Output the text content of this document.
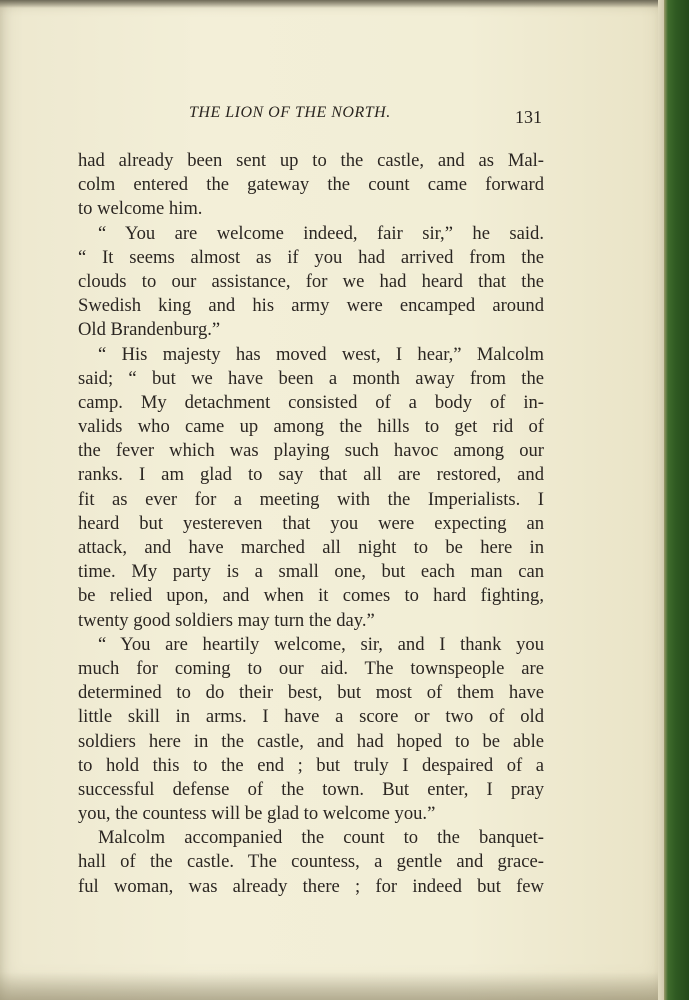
THE LION OF THE NORTH.	131
had already been sent up to the castle, and as Mal-
colm entered the gateway the count came forward
to welcome him.
“ You are welcome indeed, fair sir,” he said.
“ It seems almost as if you had arrived from the
clouds to our assistance, for we had heard that the
Swedish king and his army were encamped around
Old Brandenburg.”
“ His majesty has moved west, I hear,” Malcolm
said; “ but we have been a month away from the
camp. My detachment consisted of a body of in-
valids who came up among the hills to get rid of
the fever which was playing such havoc among our
ranks. I am glad to say that all are restored, and
fit as ever for a meeting with the Imperialists. I
heard but yestereven that you were expecting an
attack, and have marched all night to be here in
time. My party is a small one, but each man can
be relied upon, and when it comes to hard fighting,
twenty good soldiers may turn the day.”
“ You are heartily welcome, sir, and I thank you
much for coming to our aid. The townspeople are
determined to do their best, but most of them have
little skill in arms. I have a score or two of old
soldiers here in the castle, and had hoped to be able
to hold this to the end ; but truly I despaired of a
successful defense of the town. But enter, I pray
you, the countess will be glad to welcome you.”
Malcolm accompanied the count to the banquet-
hall of the castle. The countess, a gentle and grace-
ful woman, was already there ; for indeed but few
